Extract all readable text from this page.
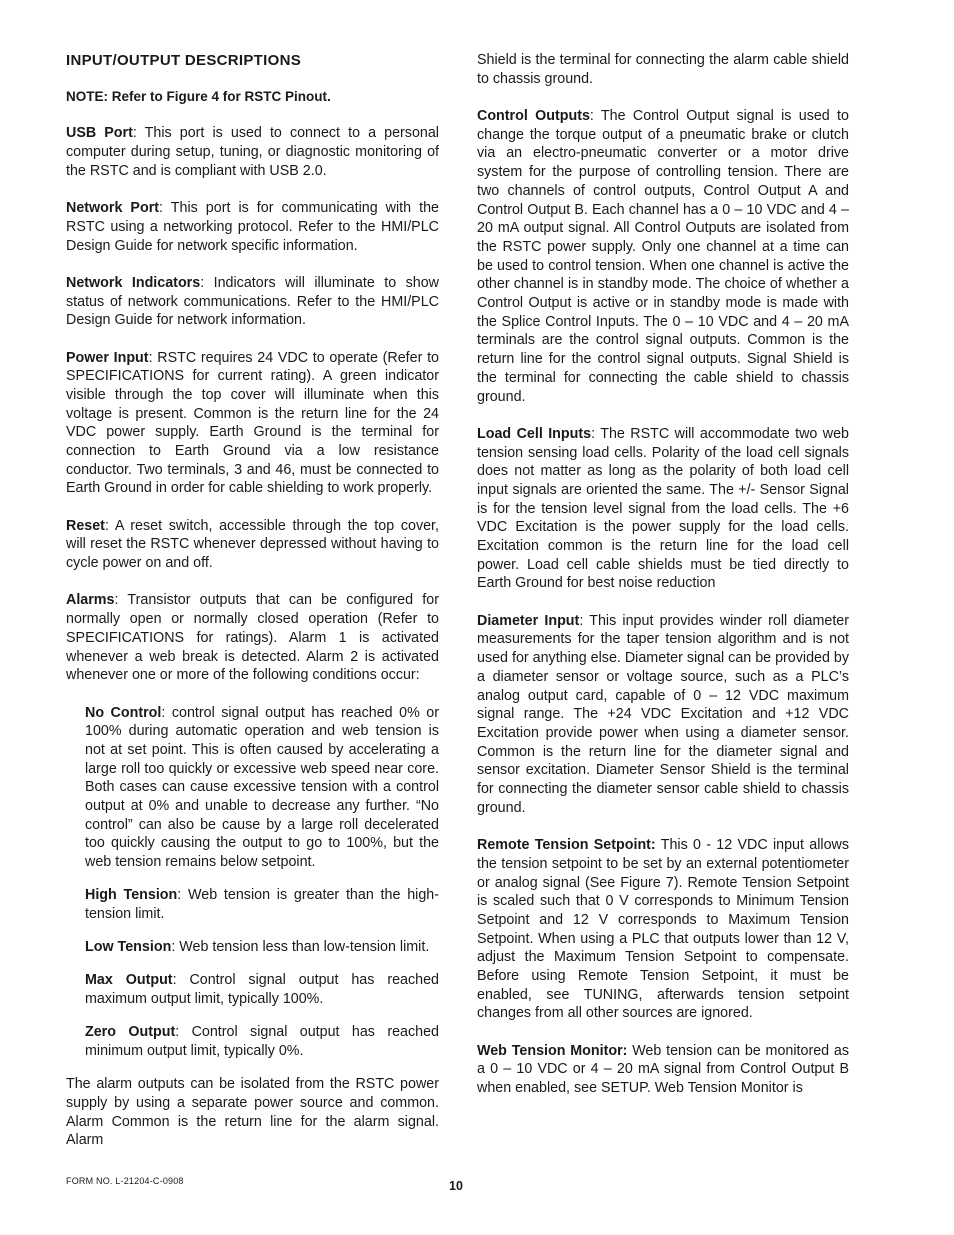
INPUT/OUTPUT DESCRIPTIONS
NOTE: Refer to Figure 4 for RSTC Pinout.

USB Port: This port is used to connect to a personal computer during setup, tuning, or diagnostic monitoring of the RSTC and is compliant with USB 2.0.

Network Port: This port is for communicating with the RSTC using a networking protocol. Refer to the HMI/PLC Design Guide for network specific information.

Network Indicators: Indicators will illuminate to show status of network communications. Refer to the HMI/PLC Design Guide for network information.

Power Input: RSTC requires 24 VDC to operate (Refer to SPECIFICATIONS for current rating). A green indicator visible through the top cover will illuminate when this voltage is present. Common is the return line for the 24 VDC power supply. Earth Ground is the terminal for connection to Earth Ground via a low resistance conductor. Two terminals, 3 and 46, must be connected to Earth Ground in order for cable shielding to work properly.

Reset: A reset switch, accessible through the top cover, will reset the RSTC whenever depressed without having to cycle power on and off.

Alarms: Transistor outputs that can be configured for normally open or normally closed operation (Refer to SPECIFICATIONS for ratings). Alarm 1 is activated whenever a web break is detected. Alarm 2 is activated whenever one or more of the following conditions occur:

No Control: control signal output has reached 0% or 100% during automatic operation and web tension is not at set point. This is often caused by accelerating a large roll too quickly or excessive web speed near core. Both cases can cause excessive tension with a control output at 0% and unable to decrease any further. “No control” can also be cause by a large roll decelerated too quickly causing the output to go to 100%, but the web tension remains below setpoint.

High Tension: Web tension is greater than the high-tension limit.

Low Tension: Web tension less than low-tension limit.

Max Output: Control signal output has reached maximum output limit, typically 100%.

Zero Output: Control signal output has reached minimum output limit, typically 0%.

The alarm outputs can be isolated from the RSTC power supply by using a separate power source and common. Alarm Common is the return line for the alarm signal. Alarm

Shield is the terminal for connecting the alarm cable shield to chassis ground.

Control Outputs: The Control Output signal is used to change the torque output of a pneumatic brake or clutch via an electro-pneumatic converter or a motor drive system for the purpose of controlling tension. There are two channels of control outputs, Control Output A and Control Output B. Each channel has a 0 – 10 VDC and 4 – 20 mA output signal. All Control Outputs are isolated from the RSTC power supply. Only one channel at a time can be used to control tension. When one channel is active the other channel is in standby mode. The choice of whether a Control Output is active or in standby mode is made with the Splice Control Inputs. The 0 – 10 VDC and 4 – 20 mA terminals are the control signal outputs. Common is the return line for the control signal outputs. Signal Shield is the terminal for connecting the cable shield to chassis ground.

Load Cell Inputs: The RSTC will accommodate two web tension sensing load cells. Polarity of the load cell signals does not matter as long as the polarity of both load cell input signals are oriented the same. The +/- Sensor Signal is for the tension level signal from the load cells. The +6 VDC Excitation is the power supply for the load cells. Excitation common is the return line for the load cell power. Load cell cable shields must be tied directly to Earth Ground for best noise reduction

Diameter Input: This input provides winder roll diameter measurements for the taper tension algorithm and is not used for anything else. Diameter signal can be provided by a diameter sensor or voltage source, such as a PLC’s analog output card, capable of 0 – 12 VDC maximum signal range. The +24 VDC Excitation and +12 VDC Excitation provide power when using a diameter sensor. Common is the return line for the diameter signal and sensor excitation. Diameter Sensor Shield is the terminal for connecting the diameter sensor cable shield to chassis ground.

Remote Tension Setpoint: This 0 - 12 VDC input allows the tension setpoint to be set by an external potentiometer or analog signal (See Figure 7). Remote Tension Setpoint is scaled such that 0 V corresponds to Minimum Tension Setpoint and 12 V corresponds to Maximum Tension Setpoint. When using a PLC that outputs lower than 12 V, adjust the Maximum Tension Setpoint to compensate. Before using Remote Tension Setpoint, it must be enabled, see TUNING, afterwards tension setpoint changes from all other sources are ignored.

Web Tension Monitor: Web tension can be monitored as a 0 – 10 VDC or 4 – 20 mA signal from Control Output B when enabled, see SETUP. Web Tension Monitor is

FORM NO. L-21204-C-0908	10
